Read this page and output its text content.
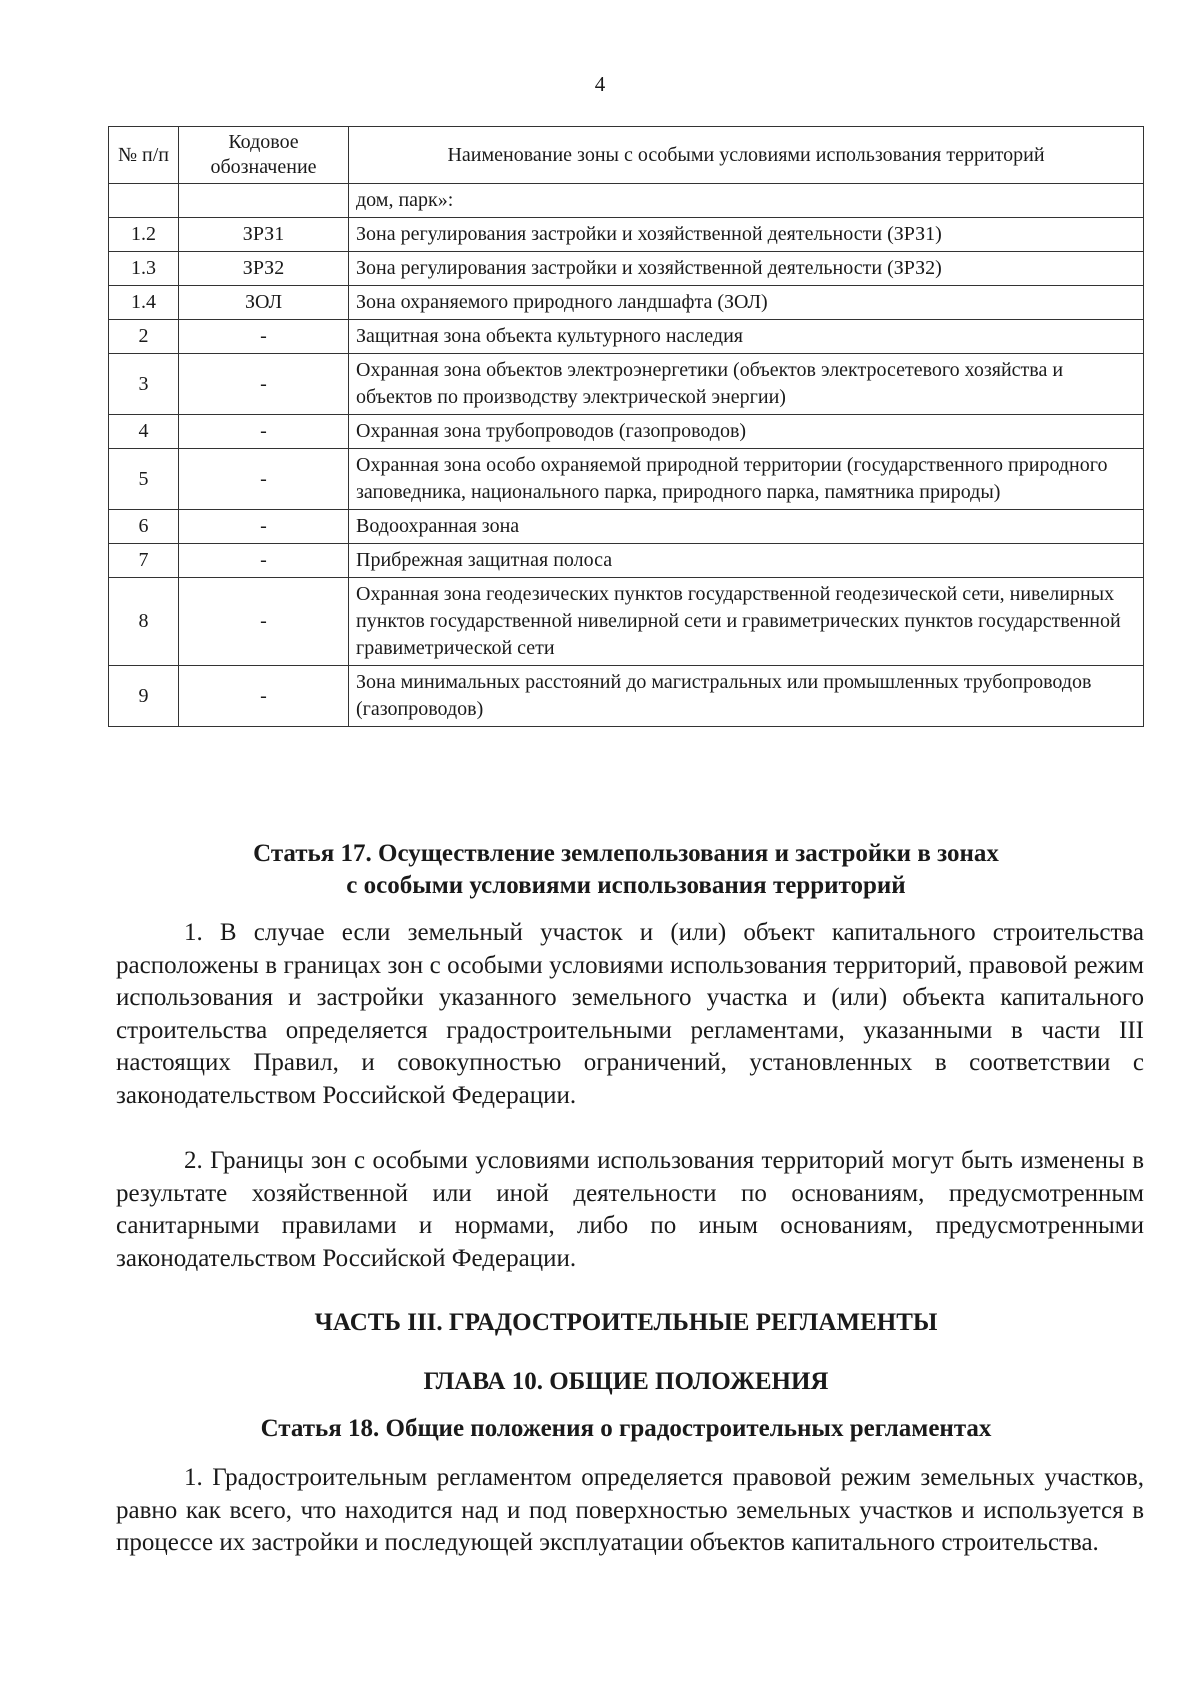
4
№ п/п	Кодовое обозначение	Наименование зоны с особыми условиями использования территорий
		дом, парк»:
1.2	ЗРЗ1	Зона регулирования застройки и хозяйственной деятельности (ЗРЗ1)
1.3	ЗРЗ2	Зона регулирования застройки и хозяйственной деятельности (ЗРЗ2)
1.4	ЗОЛ	Зона охраняемого природного ландшафта (ЗОЛ)
2	-	Защитная зона объекта культурного наследия
3	-	Охранная зона объектов электроэнергетики (объектов электросетевого хозяйства и объектов по производству электрической энергии)
4	-	Охранная зона трубопроводов (газопроводов)
5	-	Охранная зона особо охраняемой природной территории (государственного природного заповедника, национального парка, природного парка, памятника природы)
6	-	Водоохранная зона
7	-	Прибрежная защитная полоса
8	-	Охранная зона геодезических пунктов государственной геодезической сети, нивелирных пунктов государственной нивелирной сети и гравиметрических пунктов государственной гравиметрической сети
9	-	Зона минимальных расстояний до магистральных или промышленных трубопроводов (газопроводов)
Статья 17. Осуществление землепользования и застройки в зонах
с особыми условиями использования территорий
1. В случае если земельный участок и (или) объект капитального строительства расположены в границах зон с особыми условиями использования территорий, правовой режим использования и застройки указанного земельного участка и (или) объекта капитального строительства определяется градостроительными регламентами, указанными в части III настоящих Правил, и совокупностью ограничений, установленных в соответствии с законодательством Российской Федерации.
2. Границы зон с особыми условиями использования территорий могут быть изменены в результате хозяйственной или иной деятельности по основаниям, предусмотренным санитарными правилами и нормами, либо по иным основаниям, предусмотренными законодательством Российской Федерации.
ЧАСТЬ III. ГРАДОСТРОИТЕЛЬНЫЕ РЕГЛАМЕНТЫ
ГЛАВА 10. ОБЩИЕ ПОЛОЖЕНИЯ
Статья 18. Общие положения о градостроительных регламентах
1. Градостроительным регламентом определяется правовой режим земельных участков, равно как всего, что находится над и под поверхностью земельных участков и используется в процессе их застройки и последующей эксплуатации объектов капитального строительства.
